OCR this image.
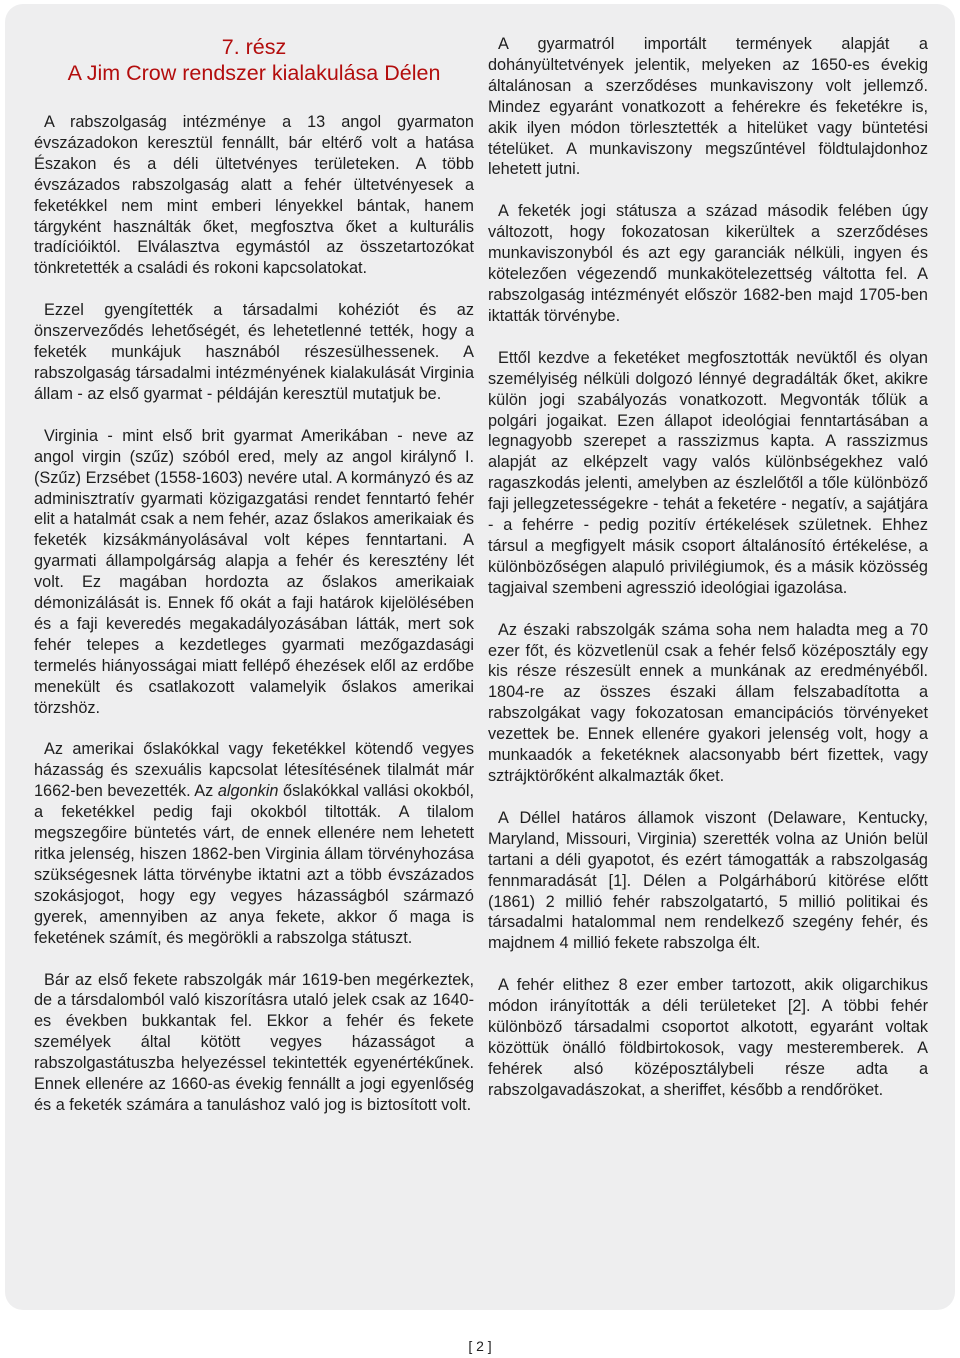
7. rész
A Jim Crow rendszer kialakulása Délen

A rabszolgaság intézménye a 13 angol gyarmaton évszázadokon keresztül fennállt, bár eltérő volt a hatása Északon és a déli ültetvényes területeken. A több évszázados rabszolgaság alatt a fehér ültetvényesek a feketékkel nem mint emberi lényekkel bántak, hanem tárgyként használták őket, megfosztva őket a kulturális tradícióiktól. Elválasztva egymástól az összetartozókat tönkretették a családi és rokoni kapcsolatokat.

Ezzel gyengítették a társadalmi kohéziót és az önszerveződés lehetőségét, és lehetetlenné tették, hogy a feketék munkájuk hasznából részesülhessenek. A rabszolgaság társadalmi intézményének kialakulását Virginia állam - az első gyarmat - példáján keresztül mutatjuk be.

Virginia - mint első brit gyarmat Amerikában - neve az angol virgin (szűz) szóból ered, mely az angol királynő I. (Szűz) Erzsébet (1558-1603) nevére utal. A kormányzó és az adminisztratív gyarmati közigazgatási rendet fenntartó fehér elit a hatalmát csak a nem fehér, azaz őslakos amerikaiak és feketék kizsákmányolásával volt képes fenntartani. A gyarmati állampolgárság alapja a fehér és keresztény lét volt. Ez magában hordozta az őslakos amerikaiak démonizálását is. Ennek fő okát a faji határok kijelölésében és a faji keveredés megakadályozásában látták, mert sok fehér telepes a kezdetleges gyarmati mezőgazdasági termelés hiányosságai miatt fellépő éhezések elől az erdőbe menekült és csatlakozott valamelyik őslakos amerikai törzshöz.

Az amerikai őslakókkal vagy feketékkel kötendő vegyes házasság és szexuális kapcsolat létesítésének tilalmát már 1662-ben bevezették. Az algonkin őslakókkal vallási okokból, a feketékkel pedig faji okokból tiltották. A tilalom megszegőire büntetés várt, de ennek ellenére nem lehetett ritka jelenség, hiszen 1862-ben Virginia állam törvényhozása szükségesnek látta törvénybe iktatni azt a több évszázados szokásjogot, hogy egy vegyes házasságból származó gyerek, amennyiben az anya fekete, akkor ő maga is feketének számít, és megörökli a rabszolga státuszt.

Bár az első fekete rabszolgák már 1619-ben megérkeztek, de a társdalomból való kiszorításra utaló jelek csak az 1640-es években bukkantak fel. Ekkor a fehér és fekete személyek által kötött vegyes házasságot a rabszolgastátuszba helyezéssel tekintették egyenértékűnek. Ennek ellenére az 1660-as évekig fennállt a jogi egyenlőség és a feketék számára a tanuláshoz való jog is biztosított volt.

A gyarmatról importált termények alapját a dohányültetvények jelentik, melyeken az 1650-es évekig általánosan a szerződéses munkaviszony volt jellemző. Mindez egyaránt vonatkozott a fehérekre és feketékre is, akik ilyen módon törlesztették a hitelüket vagy büntetési tételüket. A munkaviszony megszűntével földtulajdonhoz lehetett jutni.

A feketék jogi státusza a század második felében úgy változott, hogy fokozatosan kikerültek a szerződéses munkaviszonyból és azt egy garanciák nélküli, ingyen és kötelezően végezendő munkakötelezettség váltotta fel. A rabszolgaság intézményét először 1682-ben majd 1705-ben iktatták törvénybe.

Ettől kezdve a feketéket megfosztották nevüktől és olyan személyiség nélküli dolgozó lénnyé degradálták őket, akikre külön jogi szabályozás vonatkozott. Megvonták tőlük a polgári jogaikat. Ezen állapot ideológiai fenntartásában a legnagyobb szerepet a rasszizmus kapta. A rasszizmus alapját az elképzelt vagy valós különbségekhez való ragaszkodás jelenti, amelyben az észlelőtől a tőle különböző faji jellegzetességekre - tehát a feketére - negatív, a sajátjára - a fehérre - pedig pozitív értékelések születnek. Ehhez társul a megfigyelt másik csoport általánosító értékelése, a különbözőségen alapuló privilégiumok, és a másik közösség tagjaival szembeni agresszió ideológiai igazolása.

Az északi rabszolgák száma soha nem haladta meg a 70 ezer főt, és közvetlenül csak a fehér felső középosztály egy kis része részesült ennek a munkának az eredményéből. 1804-re az összes északi állam felszabadította a rabszolgákat vagy fokozatosan emancipációs törvényeket vezettek be. Ennek ellenére gyakori jelenség volt, hogy a munkaadók a feketéknek alacsonyabb bért fizettek, vagy sztrájktörőként alkalmazták őket.

A Déllel határos államok viszont (Delaware, Kentucky, Maryland, Missouri, Virginia) szerették volna az Unión belül tartani a déli gyapotot, és ezért támogatták a rabszolgaság fennmaradását [1]. Délen a Polgárháború kitörése előtt (1861) 2 millió fehér rabszolgatartó, 5 millió politikai és társadalmi hatalommal nem rendelkező szegény fehér, és majdnem 4 millió fekete rabszolga élt.

A fehér elithez 8 ezer ember tartozott, akik oligarchikus módon irányították a déli területeket [2]. A többi fehér különböző társadalmi csoportot alkotott, egyaránt voltak közöttük önálló földbirtokosok, vagy mesteremberek. A fehérek alsó középosztálybeli része adta a rabszolgavadászokat, a sheriffet, később a rendőröket.

[ 2 ]
